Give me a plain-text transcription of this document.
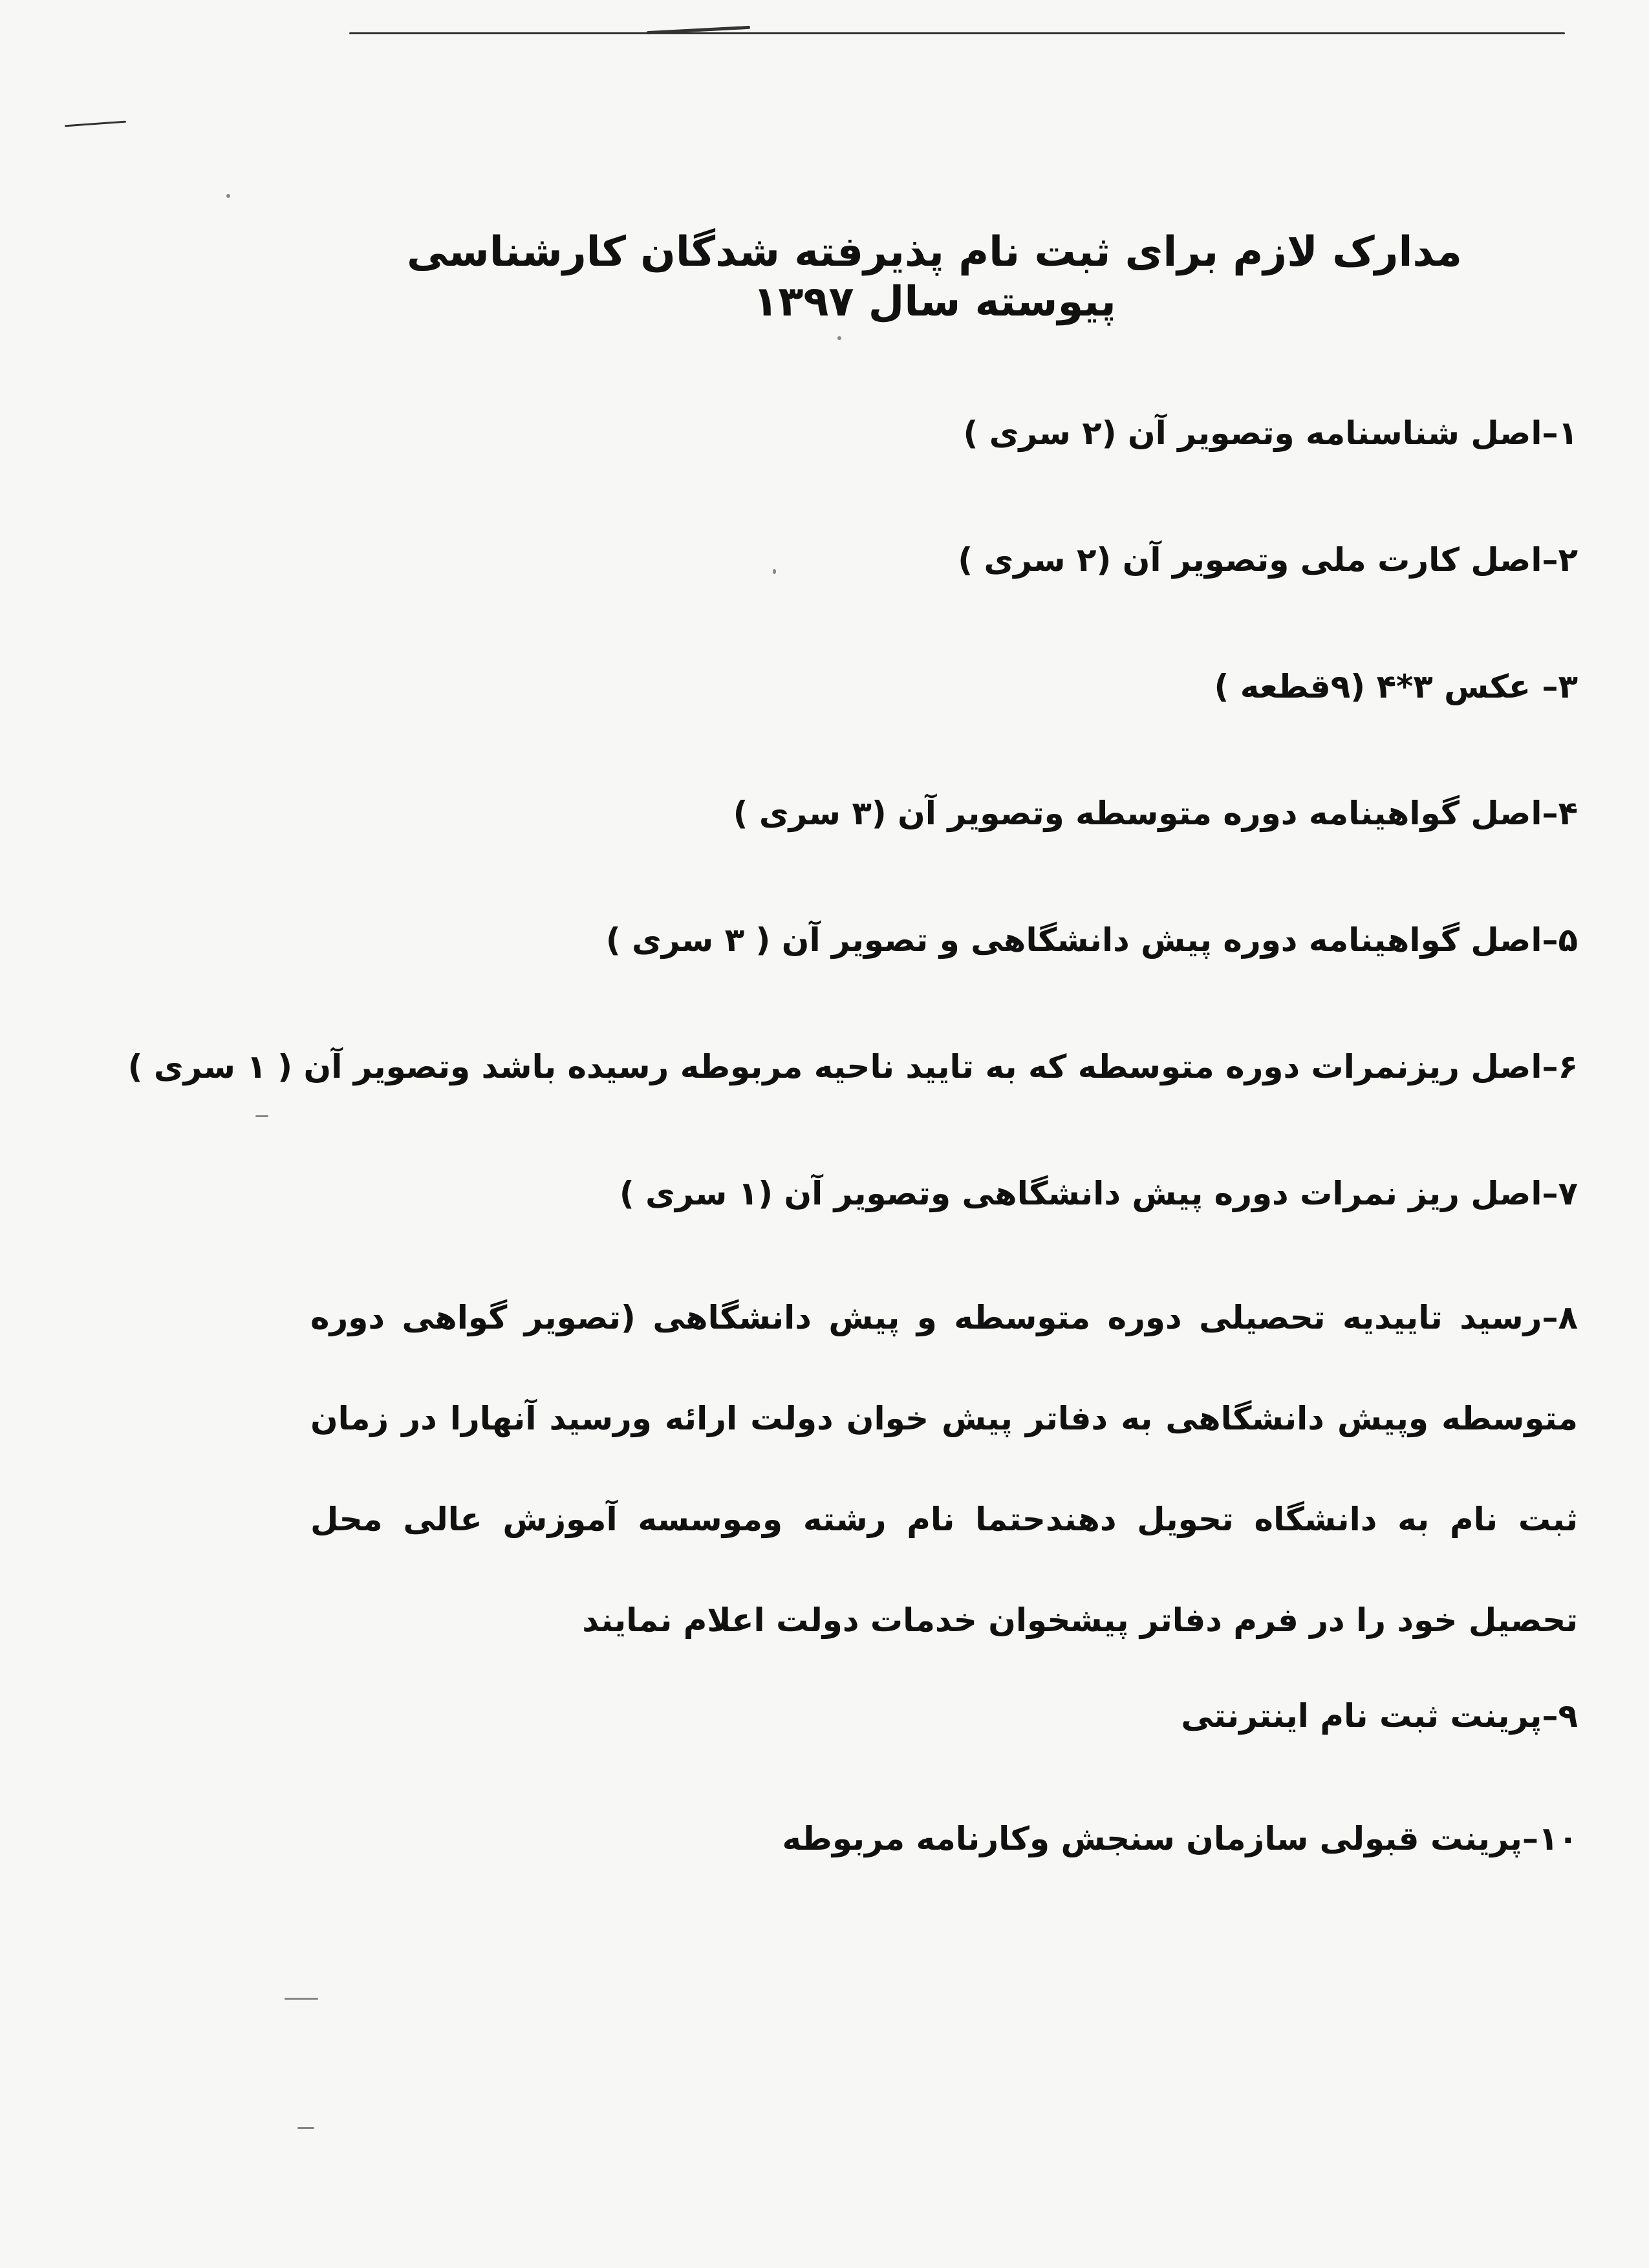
مدارک لازم برای ثبت نام پذیرفته شدگان کارشناسی پیوسته سال ۱۳۹۷
۱–اصل شناسنامه وتصویر آن (۲ سری )
۲–اصل کارت ملی وتصویر آن (۲ سری )
۳– عکس ۳*۴ (۹قطعه )
۴–اصل گواهینامه دوره متوسطه وتصویر آن (۳ سری )
۵–اصل گواهینامه دوره پیش دانشگاهی و تصویر آن ( ۳ سری )
۶–اصل ریزنمرات دوره متوسطه که به تایید ناحیه مربوطه رسیده باشد وتصویر آن ( ۱ سری )
۷–اصل ریز نمرات دوره پیش دانشگاهی وتصویر آن (۱ سری )
۸–رسید تاییدیه تحصیلی دوره متوسطه و پیش دانشگاهی (تصویر گواهی دوره متوسطه وپیش دانشگاهی به دفاتر پیش خوان دولت ارائه ورسید آنهارا در زمان ثبت نام به دانشگاه تحویل دهندحتما نام رشته وموسسه آموزش عالی محل تحصیل خود را در فرم دفاتر پیشخوان خدمات دولت اعلام نمایند
۹–پرینت ثبت نام اینترنتی
۱۰–پرینت قبولی سازمان سنجش وکارنامه مربوطه
